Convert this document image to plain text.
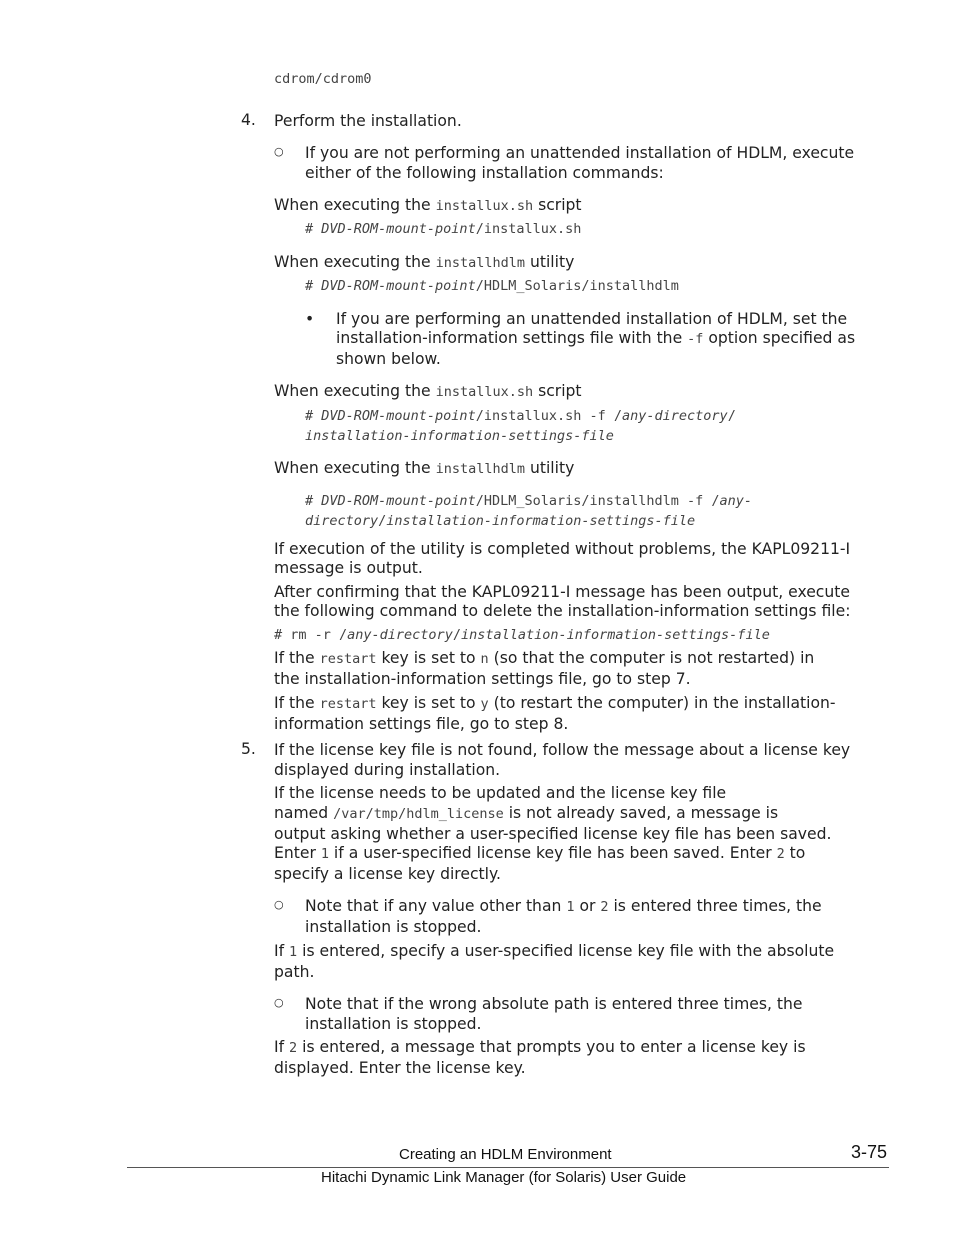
cdrom/cdrom0
4. Perform the installation.
○ If you are not performing an unattended installation of HDLM, execute
either of the following installation commands:
When executing the installux.sh script
# DVD-ROM-mount-point/installux.sh
When executing the installhdlm utility
# DVD-ROM-mount-point/HDLM_Solaris/installhdlm
• If you are performing an unattended installation of HDLM, set the
installation-information settings file with the -f option specified as
shown below.
When executing the installux.sh script
# DVD-ROM-mount-point/installux.sh -f /any-directory/
installation-information-settings-file
When executing the installhdlm utility
# DVD-ROM-mount-point/HDLM_Solaris/installhdlm -f /any-
directory/installation-information-settings-file
If execution of the utility is completed without problems, the KAPL09211-I
message is output.
After confirming that the KAPL09211-I message has been output, execute
the following command to delete the installation-information settings file:
# rm -r /any-directory/installation-information-settings-file
If the restart key is set to n (so that the computer is not restarted) in
the installation-information settings file, go to step 7.
If the restart key is set to y (to restart the computer) in the installation-
information settings file, go to step 8.
5. If the license key file is not found, follow the message about a license key
displayed during installation.
If the license needs to be updated and the license key file
named /var/tmp/hdlm_license is not already saved, a message is
output asking whether a user-specified license key file has been saved.
Enter 1 if a user-specified license key file has been saved. Enter 2 to
specify a license key directly.
○ Note that if any value other than 1 or 2 is entered three times, the
installation is stopped.
If 1 is entered, specify a user-specified license key file with the absolute
path.
○ Note that if the wrong absolute path is entered three times, the
installation is stopped.
If 2 is entered, a message that prompts you to enter a license key is
displayed. Enter the license key.
Creating an HDLM Environment	3-75
Hitachi Dynamic Link Manager (for Solaris) User Guide
